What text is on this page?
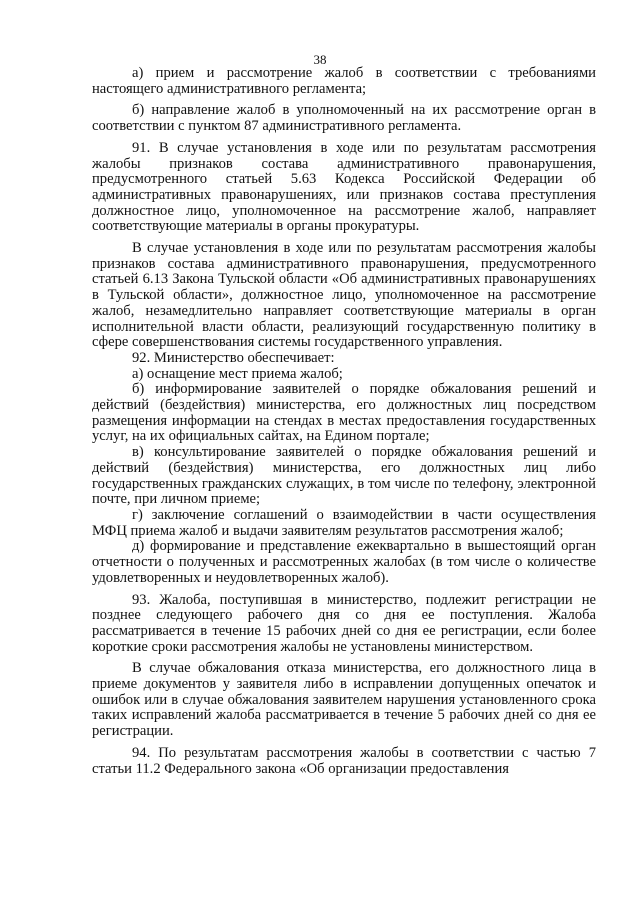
38

а) прием и рассмотрение жалоб в соответствии с требованиями настоящего административного регламента;

б) направление жалоб в уполномоченный на их рассмотрение орган в соответствии с пунктом 87 административного регламента.

91. В случае установления в ходе или по результатам рассмотрения жалобы признаков состава административного правонарушения, предусмотренного статьей 5.63 Кодекса Российской Федерации об административных правонарушениях, или признаков состава преступления должностное лицо, уполномоченное на рассмотрение жалоб, направляет соответствующие материалы в органы прокуратуры.

В случае установления в ходе или по результатам рассмотрения жалобы признаков состава административного правонарушения, предусмотренного статьей 6.13 Закона Тульской области «Об административных правонарушениях в Тульской области», должностное лицо, уполномоченное на рассмотрение жалоб, незамедлительно направляет соответствующие материалы в орган исполнительной власти области, реализующий государственную политику в сфере совершенствования системы государственного управления.

92. Министерство обеспечивает:

а) оснащение мест приема жалоб;

б) информирование заявителей о порядке обжалования решений и действий (бездействия) министерства, его должностных лиц посредством размещения информации на стендах в местах предоставления государственных услуг, на их официальных сайтах, на Едином портале;

в) консультирование заявителей о порядке обжалования решений и действий (бездействия) министерства, его должностных лиц либо государственных гражданских служащих, в том числе по телефону, электронной почте, при личном приеме;

г) заключение соглашений о взаимодействии в части осуществления МФЦ приема жалоб и выдачи заявителям результатов рассмотрения жалоб;

д) формирование и представление ежеквартально в вышестоящий орган отчетности о полученных и рассмотренных жалобах (в том числе о количестве удовлетворенных и неудовлетворенных жалоб).

93. Жалоба, поступившая в министерство, подлежит регистрации не позднее следующего рабочего дня со дня ее поступления. Жалоба рассматривается в течение 15 рабочих дней со дня ее регистрации, если более короткие сроки рассмотрения жалобы не установлены министерством.

В случае обжалования отказа министерства, его должностного лица в приеме документов у заявителя либо в исправлении допущенных опечаток и ошибок или в случае обжалования заявителем нарушения установленного срока таких исправлений жалоба рассматривается в течение 5 рабочих дней со дня ее регистрации.

94. По результатам рассмотрения жалобы в соответствии с частью 7 статьи 11.2 Федерального закона «Об организации предоставления
